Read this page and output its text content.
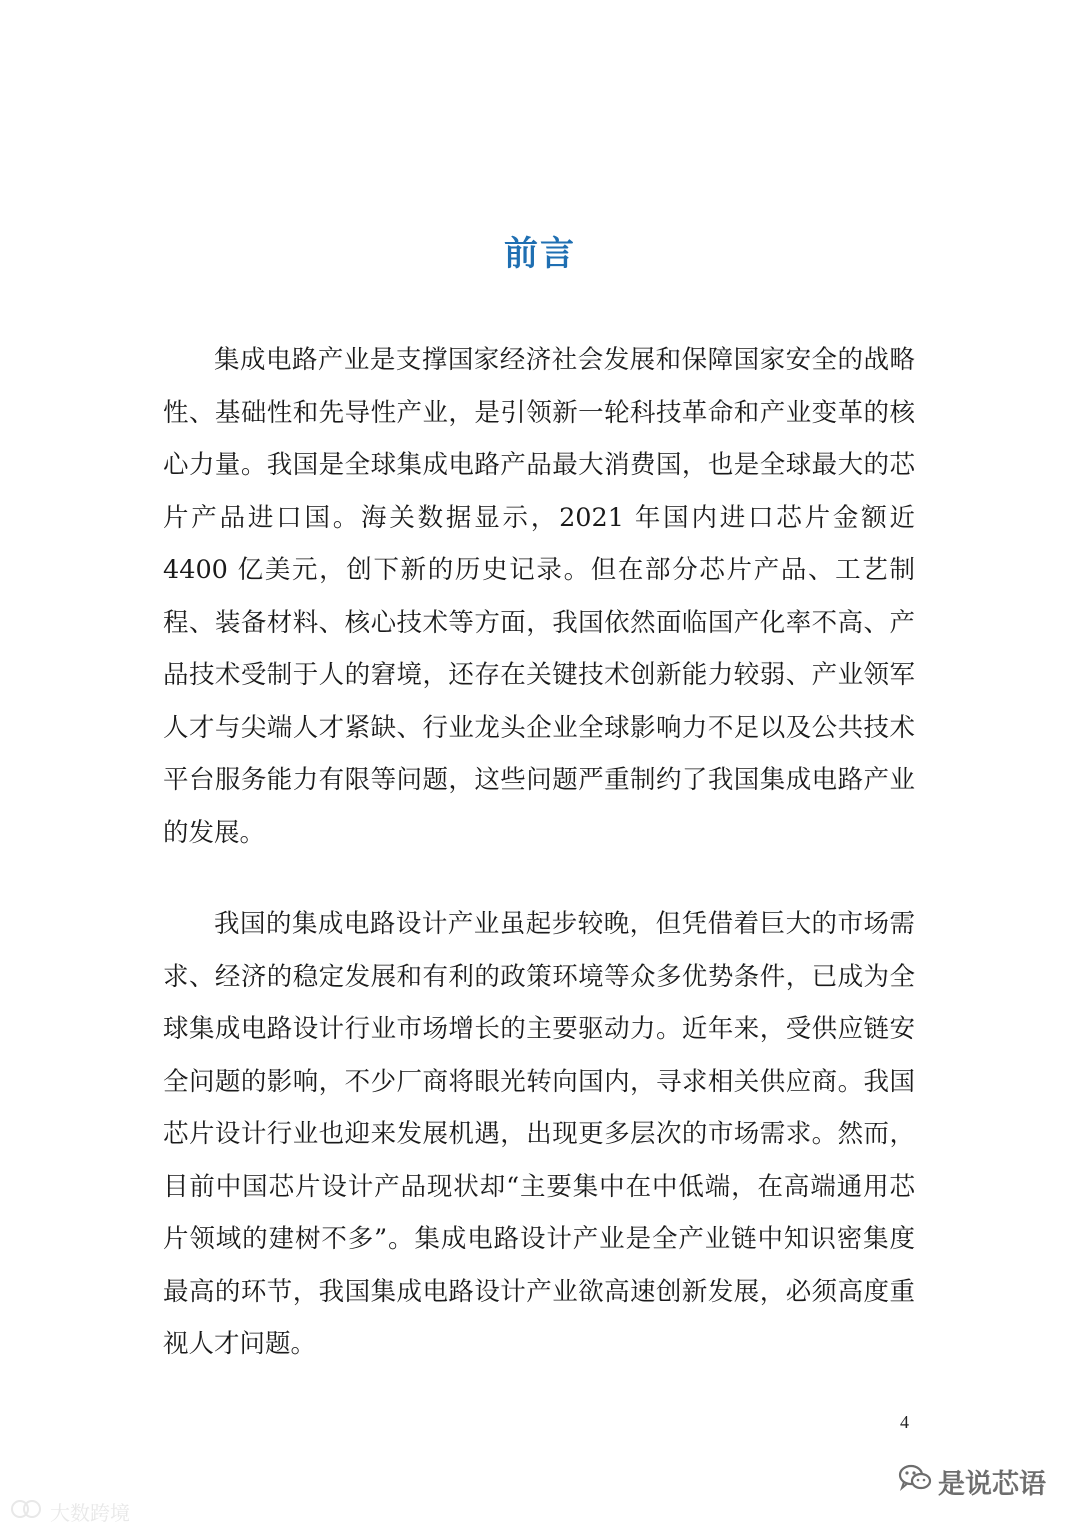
前言

集成电路产业是支撑国家经济社会发展和保障国家安全的战略性、基础性和先导性产业，是引领新一轮科技革命和产业变革的核心力量。我国是全球集成电路产品最大消费国，也是全球最大的芯片产品进口国。海关数据显示，2021 年国内进口芯片金额近 4400 亿美元，创下新的历史记录。但在部分芯片产品、工艺制程、装备材料、核心技术等方面，我国依然面临国产化率不高、产品技术受制于人的窘境，还存在关键技术创新能力较弱、产业领军人才与尖端人才紧缺、行业龙头企业全球影响力不足以及公共技术平台服务能力有限等问题，这些问题严重制约了我国集成电路产业的发展。

我国的集成电路设计产业虽起步较晚，但凭借着巨大的市场需求、经济的稳定发展和有利的政策环境等众多优势条件，已成为全球集成电路设计行业市场增长的主要驱动力。近年来，受供应链安全问题的影响，不少厂商将眼光转向国内，寻求相关供应商。我国芯片设计行业也迎来发展机遇，出现更多层次的市场需求。然而，目前中国芯片设计产品现状却“主要集中在中低端，在高端通用芯片领域的建树不多”。集成电路设计产业是全产业链中知识密集度最高的环节，我国集成电路设计产业欲高速创新发展，必须高度重视人才问题。

4
是说芯语
大数跨境
